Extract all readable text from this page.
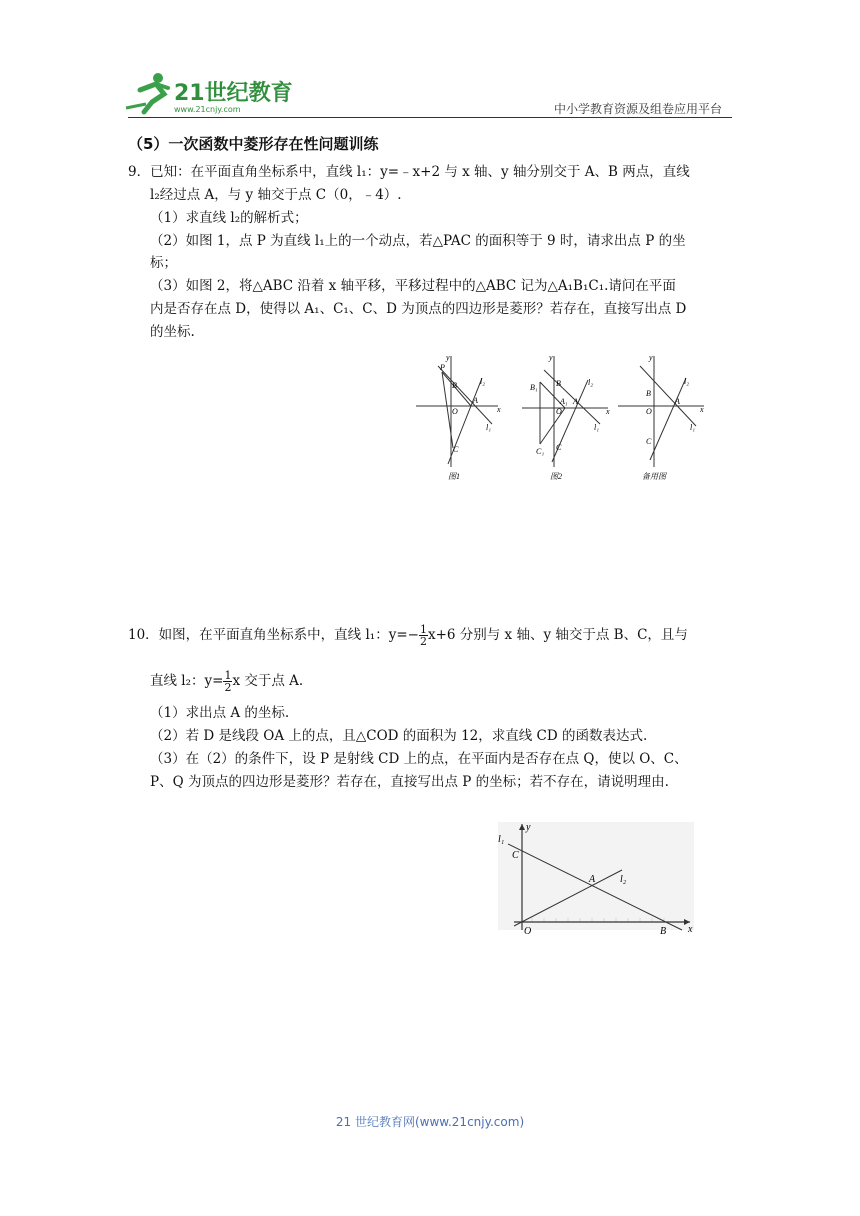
21世纪教育
www.21cnjy.com	中小学教育资源及组卷应用平台
（5）一次函数中菱形存在性问题训练
9．已知：在平面直角坐标系中，直线 l₁：y=﹣x+2 与 x 轴、y 轴分别交于 A、B 两点，直线
l₂经过点 A，与 y 轴交于点 C（0，﹣4）.
（1）求直线 l₂的解析式；
（2）如图 1，点 P 为直线 l₁上的一个动点，若△PAC 的面积等于 9 时，请求出点 P 的坐
标；
（3）如图 2，将△ABC 沿着 x 轴平移，平移过程中的△ABC 记为△A₁B₁C₁.请问在平面
内是否存在点 D，使得以 A₁、C₁、C、D 为顶点的四边形是菱形？若存在，直接写出点 D
的坐标.
y
x
P
B
O
A
C
l₂
l₁
图1
y
x
B₁ B
O
A₁ A
C₁ C
l₂
l₁
图2
y
x
B
O
A
C
l₂
l₁
备用图
10．如图，在平面直角坐标系中，直线 l₁：$y=- \frac{1}{2} x+6$ 分别与 x 轴、y 轴交于点 B、C，且与
直线 l₂：$y= \frac{1}{2}$ x 交于点 A.
（1）求出点 A 的坐标.
（2）若 D 是线段 OA 上的点，且△COD 的面积为 12，求直线 CD 的函数表达式.
（3）在（2）的条件下，设 P 是射线 CD 上的点，在平面内是否存在点 Q，使以 O、C、
P、Q 为顶点的四边形是菱形？若存在，直接写出点 P 的坐标；若不存在，请说明理由.
y
x
l₁
C
A l₂
O	B
21 世纪教育网(www.21cnjy.com)
